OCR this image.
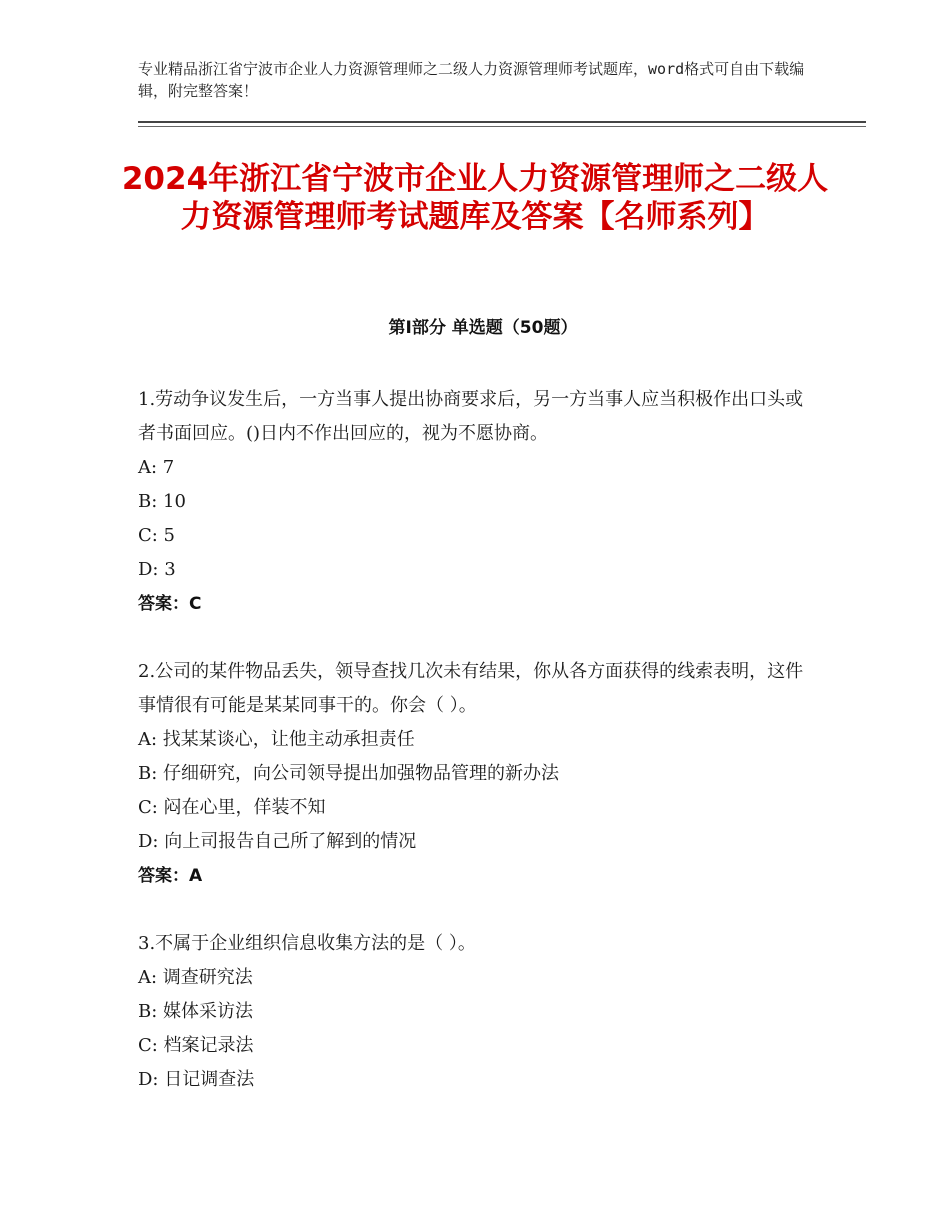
专业精品浙江省宁波市企业人力资源管理师之二级人力资源管理师考试题库，word格式可自由下载编辑，附完整答案！
2024年浙江省宁波市企业人力资源管理师之二级人力资源管理师考试题库及答案【名师系列】
第Ⅰ部分 单选题（50题）
1.劳动争议发生后，一方当事人提出协商要求后，另一方当事人应当积极作出口头或者书面回应。()日内不作出回应的，视为不愿协商。
A: 7
B: 10
C: 5
D: 3
答案：C
2.公司的某件物品丢失，领导查找几次未有结果，你从各方面获得的线索表明，这件事情很有可能是某某同事干的。你会（ ）。
A: 找某某谈心，让他主动承担责任
B: 仔细研究，向公司领导提出加强物品管理的新办法
C: 闷在心里，佯装不知
D: 向上司报告自己所了解到的情况
答案：A
3.不属于企业组织信息收集方法的是（ ）。
A: 调查研究法
B: 媒体采访法
C: 档案记录法
D: 日记调查法
